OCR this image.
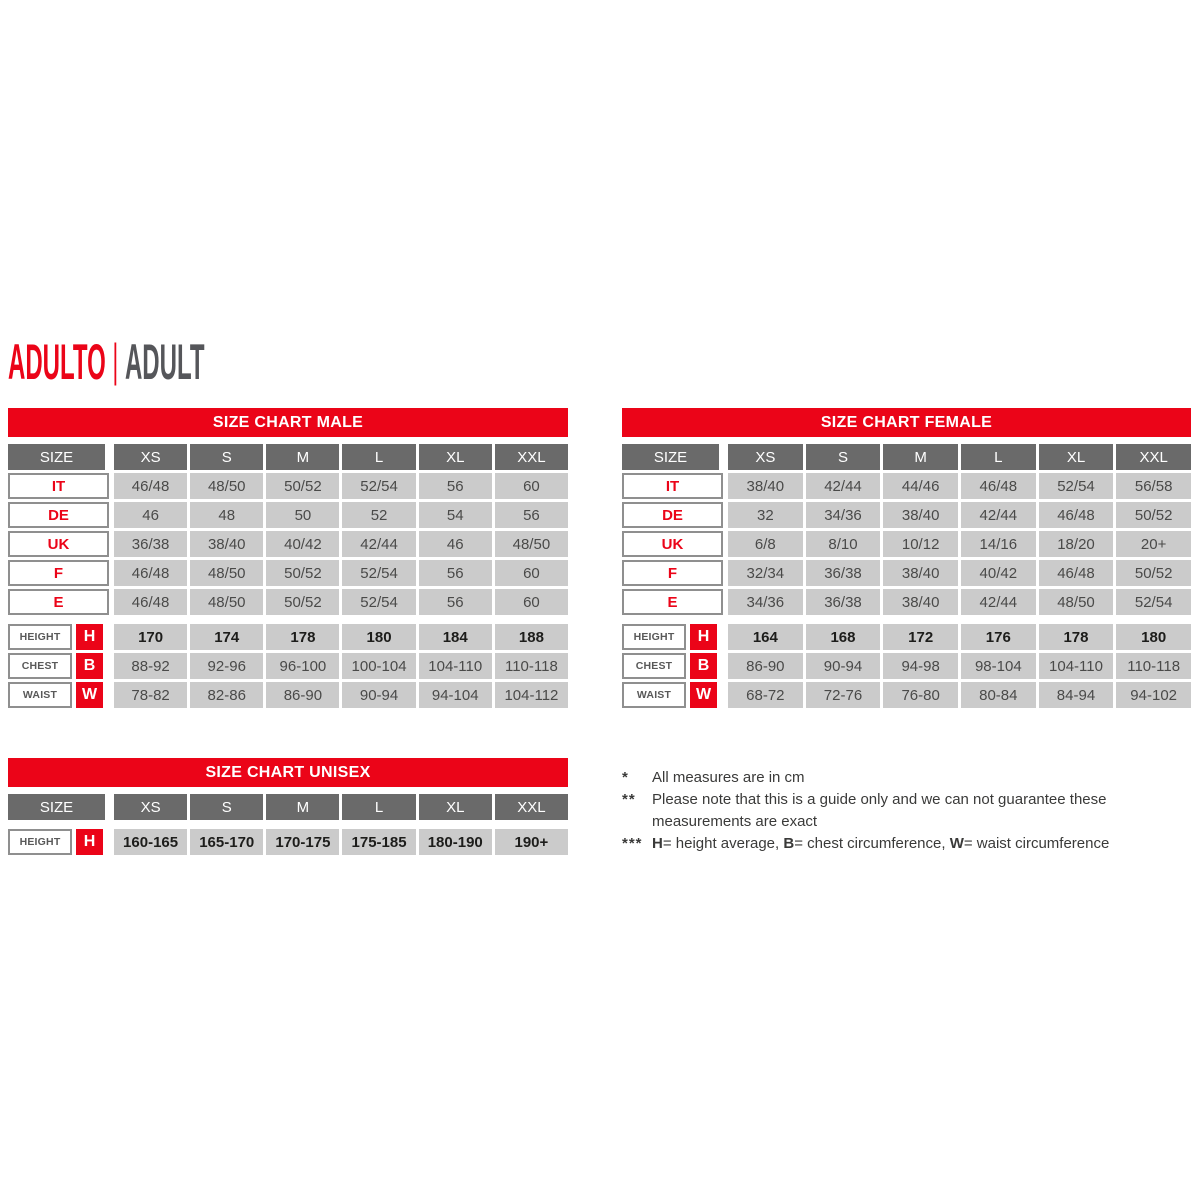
ADULTO | ADULT
SIZE CHART MALE
SIZE	XS	S	M	L	XL	XXL
IT	46/48	48/50	50/52	52/54	56	60
DE	46	48	50	52	54	56
UK	36/38	38/40	40/42	42/44	46	48/50
F	46/48	48/50	50/52	52/54	56	60
E	46/48	48/50	50/52	52/54	56	60
HEIGHT	H	170	174	178	180	184	188
CHEST	B	88-92	92-96	96-100	100-104	104-110	110-118
WAIST	W	78-82	82-86	86-90	90-94	94-104	104-112
SIZE CHART FEMALE
SIZE	XS	S	M	L	XL	XXL
IT	38/40	42/44	44/46	46/48	52/54	56/58
DE	32	34/36	38/40	42/44	46/48	50/52
UK	6/8	8/10	10/12	14/16	18/20	20+
F	32/34	36/38	38/40	40/42	46/48	50/52
E	34/36	36/38	38/40	42/44	48/50	52/54
HEIGHT	H	164	168	172	176	178	180
CHEST	B	86-90	90-94	94-98	98-104	104-110	110-118
WAIST	W	68-72	72-76	76-80	80-84	84-94	94-102
SIZE CHART UNISEX
SIZE	XS	S	M	L	XL	XXL
HEIGHT	H	160-165	165-170	170-175	175-185	180-190	190+
*	All measures are in cm
**	Please note that this is a guide only and we can not guarantee these measurements are exact
*** H= height average, B= chest circumference, W= waist circumference
